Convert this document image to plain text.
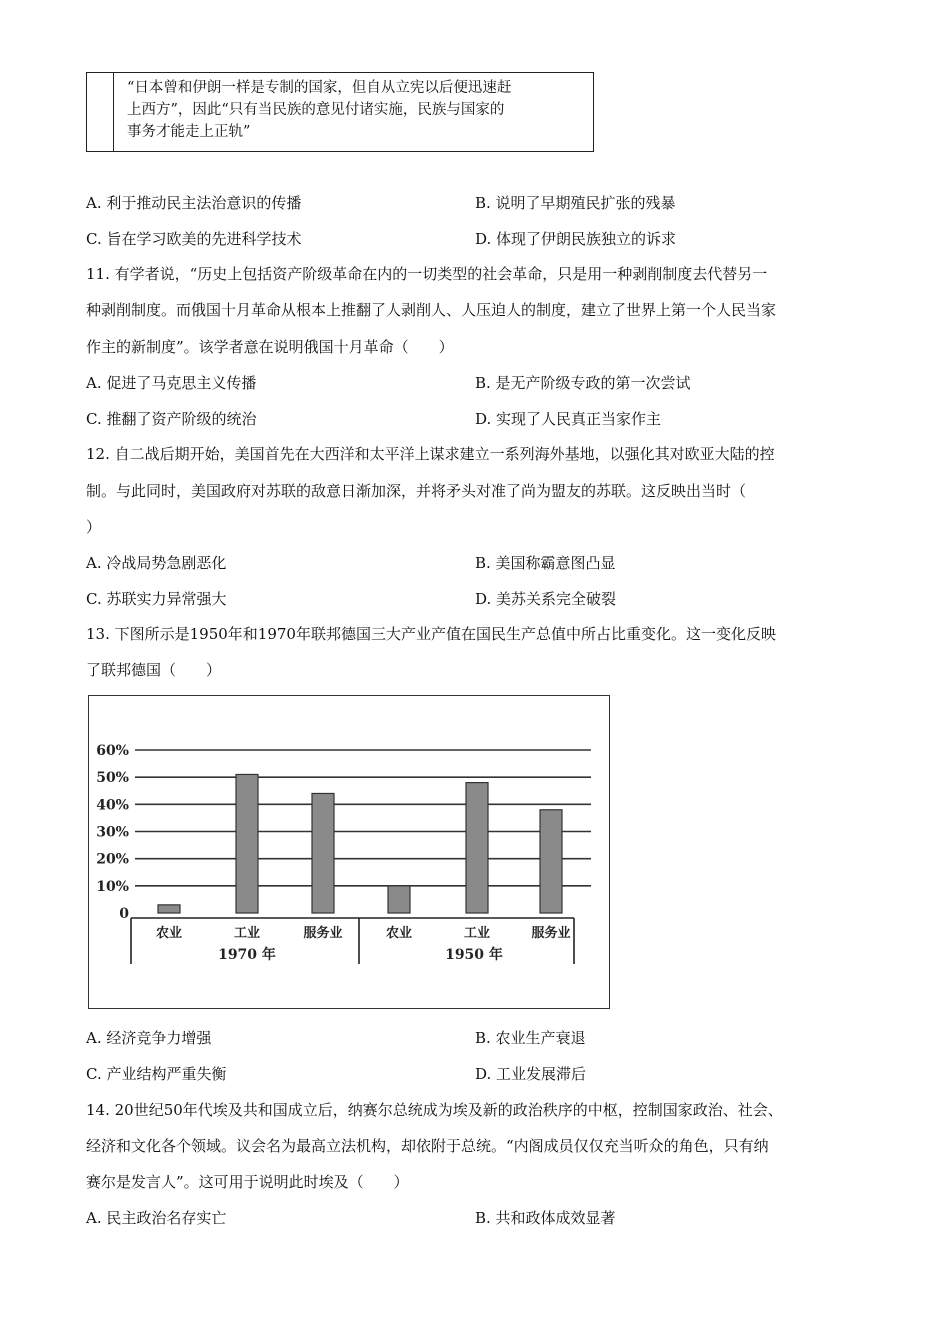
“日本曾和伊朗一样是专制的国家，但自从立宪以后便迅速赶
上西方”，因此“只有当民族的意见付诸实施，民族与国家的
事务才能走上正轨”
A. 利于推动民主法治意识的传播	B. 说明了早期殖民扩张的残暴
C. 旨在学习欧美的先进科学技术	D. 体现了伊朗民族独立的诉求
11. 有学者说，“历史上包括资产阶级革命在内的一切类型的社会革命，只是用一种剥削制度去代替另一
种剥削制度。而俄国十月革命从根本上推翻了人剥削人、人压迫人的制度，建立了世界上第一个人民当家
作主的新制度”。该学者意在说明俄国十月革命（　　）
A. 促进了马克思主义传播	B. 是无产阶级专政的第一次尝试
C. 推翻了资产阶级的统治	D. 实现了人民真正当家作主
12. 自二战后期开始，美国首先在大西洋和太平洋上谋求建立一系列海外基地，以强化其对欧亚大陆的控
制。与此同时，美国政府对苏联的敌意日渐加深，并将矛头对准了尚为盟友的苏联。这反映出当时（
）
A. 冷战局势急剧恶化	B. 美国称霸意图凸显
C. 苏联实力异常强大	D. 美苏关系完全破裂
13. 下图所示是1950年和1970年联邦德国三大产业产值在国民生产总值中所占比重变化。这一变化反映
了联邦德国（　　）
0
10%
20%
30%
40%
50%
60%
农业	工业	服务业	农业	工业	服务业
1970 年	1950 年
A. 经济竞争力增强	B. 农业生产衰退
C. 产业结构严重失衡	D. 工业发展滞后
14. 20世纪50年代埃及共和国成立后，纳赛尔总统成为埃及新的政治秩序的中枢，控制国家政治、社会、
经济和文化各个领域。议会名为最高立法机构，却依附于总统。“内阁成员仅仅充当听众的角色，只有纳
赛尔是发言人”。这可用于说明此时埃及（　　）
A. 民主政治名存实亡	B. 共和政体成效显著
